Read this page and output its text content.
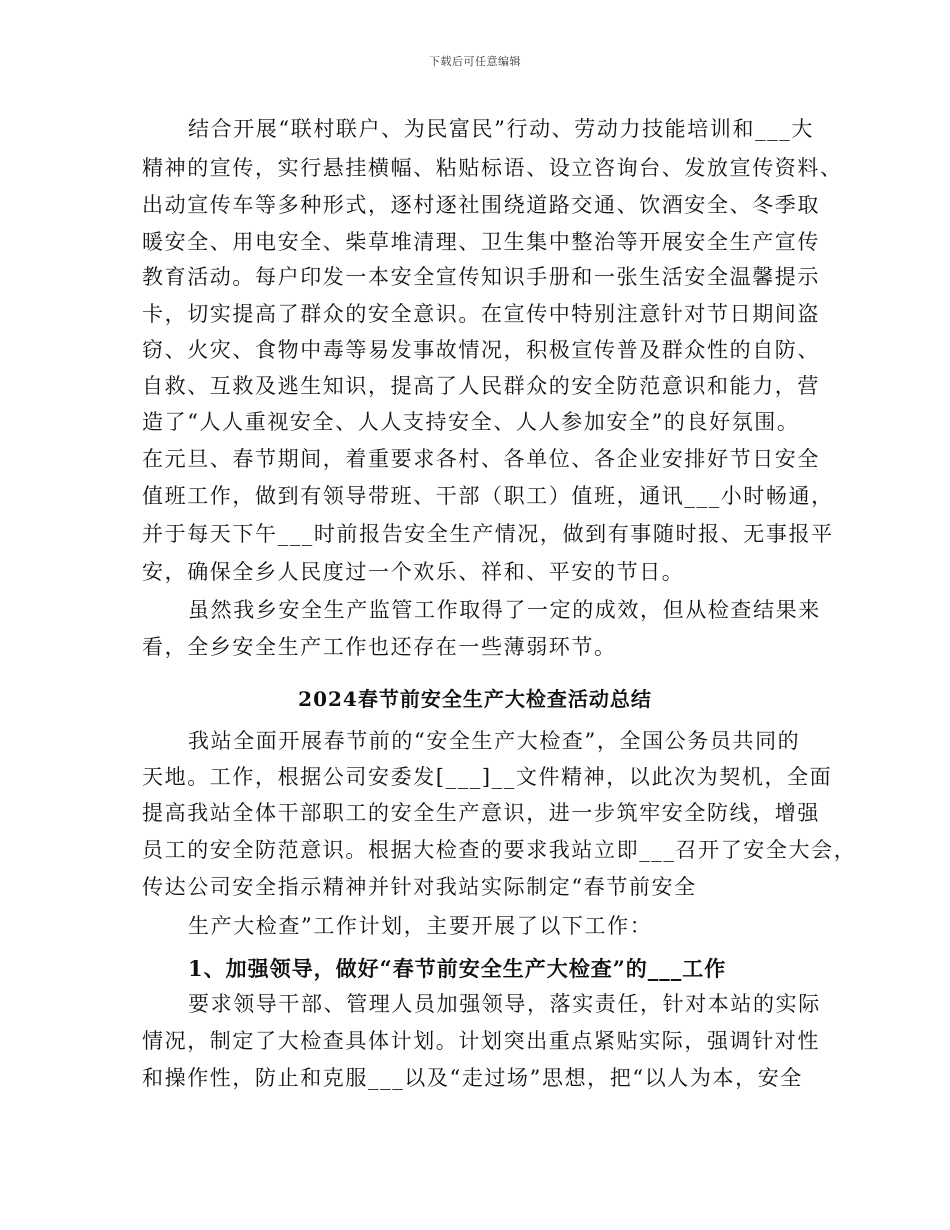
下载后可任意编辑
结合开展“联村联户、为民富民”行动、劳动力技能培训和___大
精神的宣传，实行悬挂横幅、粘贴标语、设立咨询台、发放宣传资料、
出动宣传车等多种形式，逐村逐社围绕道路交通、饮酒安全、冬季取
暖安全、用电安全、柴草堆清理、卫生集中整治等开展安全生产宣传
教育活动。每户印发一本安全宣传知识手册和一张生活安全温馨提示
卡，切实提高了群众的安全意识。在宣传中特别注意针对节日期间盗
窃、火灾、食物中毒等易发事故情况，积极宣传普及群众性的自防、
自救、互救及逃生知识，提高了人民群众的安全防范意识和能力，营
造了“人人重视安全、人人支持安全、人人参加安全”的良好氛围。
在元旦、春节期间，着重要求各村、各单位、各企业安排好节日安全
值班工作，做到有领导带班、干部（职工）值班，通讯___小时畅通，
并于每天下午___时前报告安全生产情况，做到有事随时报、无事报平
安，确保全乡人民度过一个欢乐、祥和、平安的节日。
虽然我乡安全生产监管工作取得了一定的成效，但从检查结果来
看，全乡安全生产工作也还存在一些薄弱环节。
2024春节前安全生产大检查活动总结
我站全面开展春节前的“安全生产大检查”，全国公务员共同的
天地。工作，根据公司安委发[___]__文件精神，以此次为契机，全面
提高我站全体干部职工的安全生产意识，进一步筑牢安全防线，增强
员工的安全防范意识。根据大检查的要求我站立即___召开了安全大会，
传达公司安全指示精神并针对我站实际制定“春节前安全
生产大检查”工作计划，主要开展了以下工作：
1、加强领导，做好“春节前安全生产大检查”的___工作
要求领导干部、管理人员加强领导，落实责任，针对本站的实际
情况，制定了大检查具体计划。计划突出重点紧贴实际，强调针对性
和操作性，防止和克服___以及“走过场”思想，把“以人为本，安全
